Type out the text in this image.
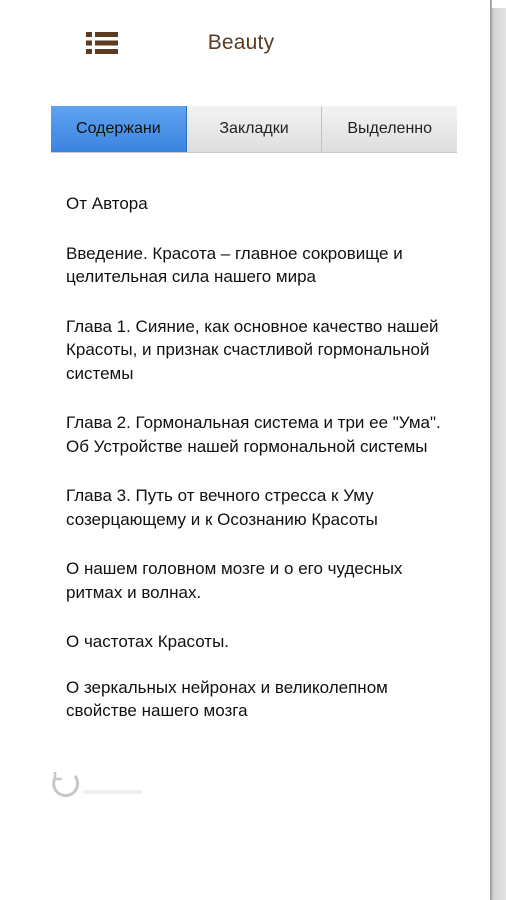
Beauty
Содержани	Закладки	Выделенно
От Автора
Введение. Красота – главное сокровище и целительная сила нашего мира
Глава 1. Сияние, как основное качество нашей Красоты, и признак счастливой гормональной системы
Глава 2. Гормональная система и три ее "Ума". Об Устройстве нашей гормональной системы
Глава 3. Путь от вечного стресса к Уму созерцающему и к Осознанию Красоты
О нашем головном мозге и о его чудесных ритмах и волнах.
О частотах Красоты.
О зеркальных нейронах и великолепном свойстве нашего мозга
